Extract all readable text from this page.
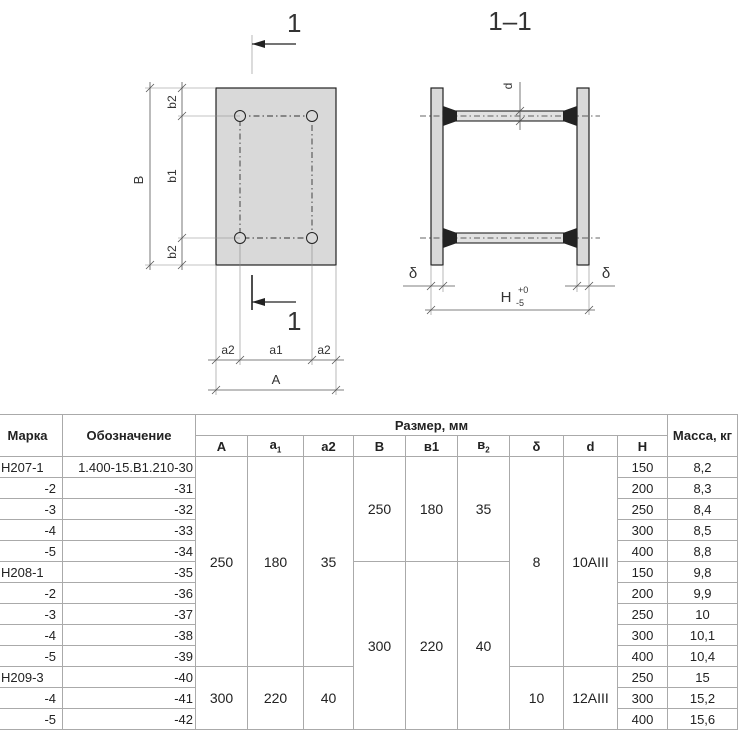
1
1
B b1
b2
b2
a2	a1	a2
A
1–1
d
δ	δ
H +0
-5
Марка	Обозначение	Размер, мм									Масса, кг
		A	$a_1$	a2	B	в1	$в_2$	δ	d	H	
Н207-1	1.400-15.В1.210-30	250	180	35	250	180	35	8	10AIII	150	8,2
-2	-31									200	8,3
-3	-32									250	8,4
-4	-33									300	8,5
-5	-34									400	8,8
Н208-1	-35				300	220	40			150	9,8
-2	-36									200	9,9
-3	-37									250	10
-4	-38									300	10,1
-5	-39									400	10,4
Н209-3	-40	300	220	40				10	12AIII	250	15
-4	-41									300	15,2
-5	-42									400	15,6
